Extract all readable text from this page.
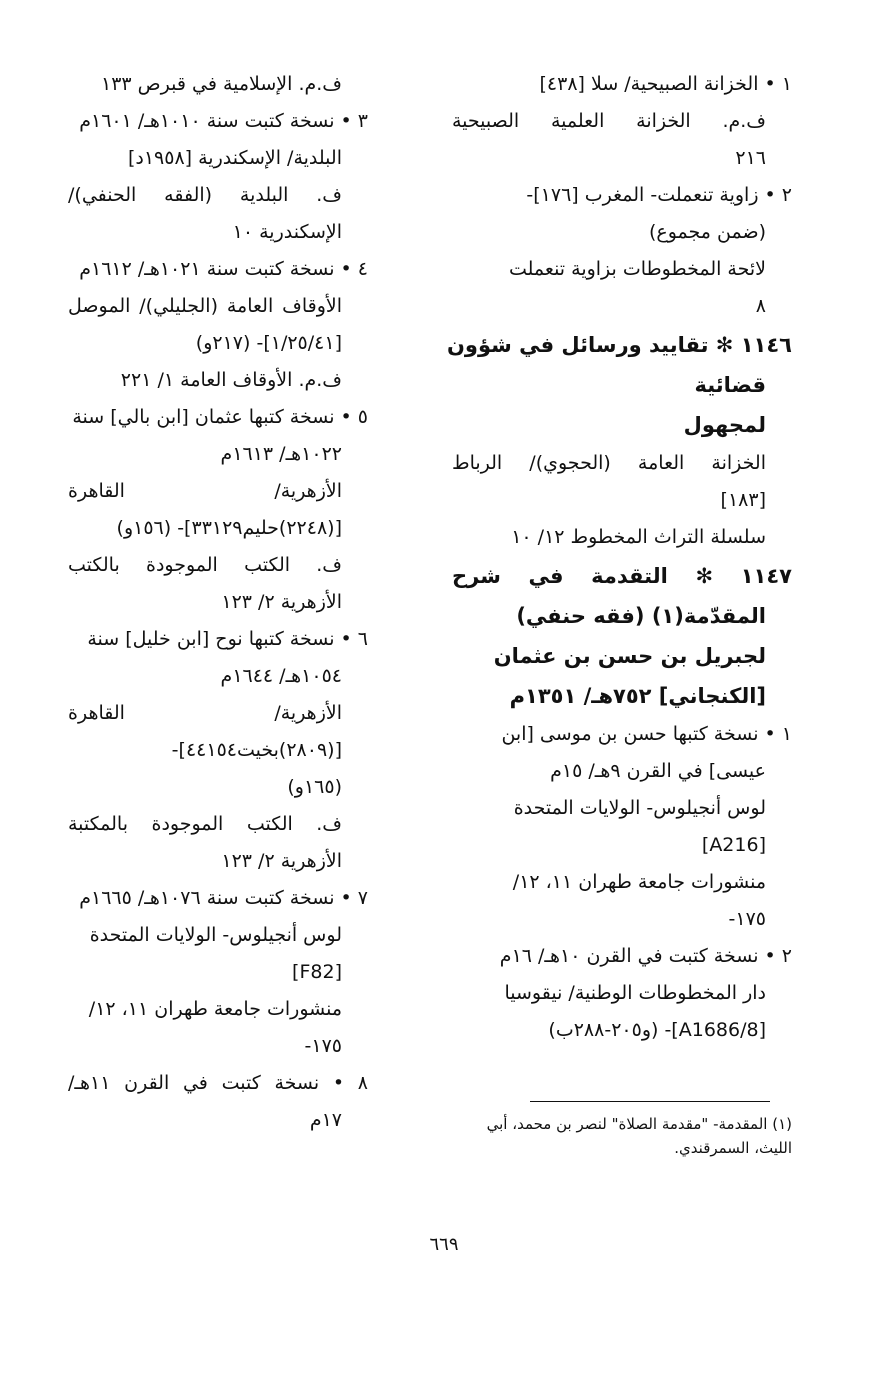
١ • الخزانة الصبيحية/ سلا [٤٣٨]
ف.م. الخزانة العلمية الصبيحية
٢١٦
٢ • زاوية تنعملت- المغرب [١٧٦]-
(ضمن مجموع)
لائحة المخطوطات بزاوية تنعملت
٨
١١٤٦ ✻ تقاييد ورسائل في شؤون
قضائية
لمجهول
الخزانة العامة (الحجوي)/ الرباط
[١٨٣]
سلسلة التراث المخطوط ١٢/ ١٠
١١٤٧ ✻ التقدمة في شرح
المقدّمة(١) (فقه حنفي)
لجبريل بن حسن بن عثمان
[الكنجاني] ٧٥٢هـ/ ١٣٥١م
١ • نسخة كتبها حسن بن موسى [ابن
عيسى] في القرن ٩هـ/ ١٥م
لوس أنجيلوس- الولايات المتحدة
[A216]
منشورات جامعة طهران ١١، ١٢/
١٧٥-
٢ • نسخة كتبت في القرن ١٠هـ/ ١٦م
دار المخطوطات الوطنية/ نيقوسيا
[A1686/8]- (و٢٠٥-٢٨٨ب)
ف.م. الإسلامية في قبرص ١٣٣
٣ • نسخة كتبت سنة ١٠١٠هـ/ ١٦٠١م
البلدية/ الإسكندرية [١٩٥٨د]
ف. البلدية (الفقه الحنفي)/
الإسكندرية ١٠
٤ • نسخة كتبت سنة ١٠٢١هـ/ ١٦١٢م
الأوقاف العامة (الجليلي)/ الموصل
[١/٢٥/٤١]- (٢١٧و)
ف.م. الأوقاف العامة ١/ ٢٢١
٥ • نسخة كتبها عثمان [ابن بالي] سنة
١٠٢٢هـ/ ١٦١٣م
الأزهرية/ القاهرة
[(٢٢٤٨)حليم٣٣١٢٩]- (١٥٦و)
ف. الكتب الموجودة بالكتب
الأزهرية ٢/ ١٢٣
٦ • نسخة كتبها نوح [ابن خليل] سنة
١٠٥٤هـ/ ١٦٤٤م
الأزهرية/ القاهرة
[(٢٨٠٩)بخيت٤٤١٥٤]-
(١٦٥و)
ف. الكتب الموجودة بالمكتبة
الأزهرية ٢/ ١٢٣
٧ • نسخة كتبت سنة ١٠٧٦هـ/ ١٦٦٥م
لوس أنجيلوس- الولايات المتحدة
[F82]
منشورات جامعة طهران ١١، ١٢/
١٧٥-
٨ • نسخة كتبت في القرن ١١هـ/
١٧م	(١) المقدمة- "مقدمة الصلاة" لنصر بن محمد، أبي الليث، السمرقندي.
٦٦٩
